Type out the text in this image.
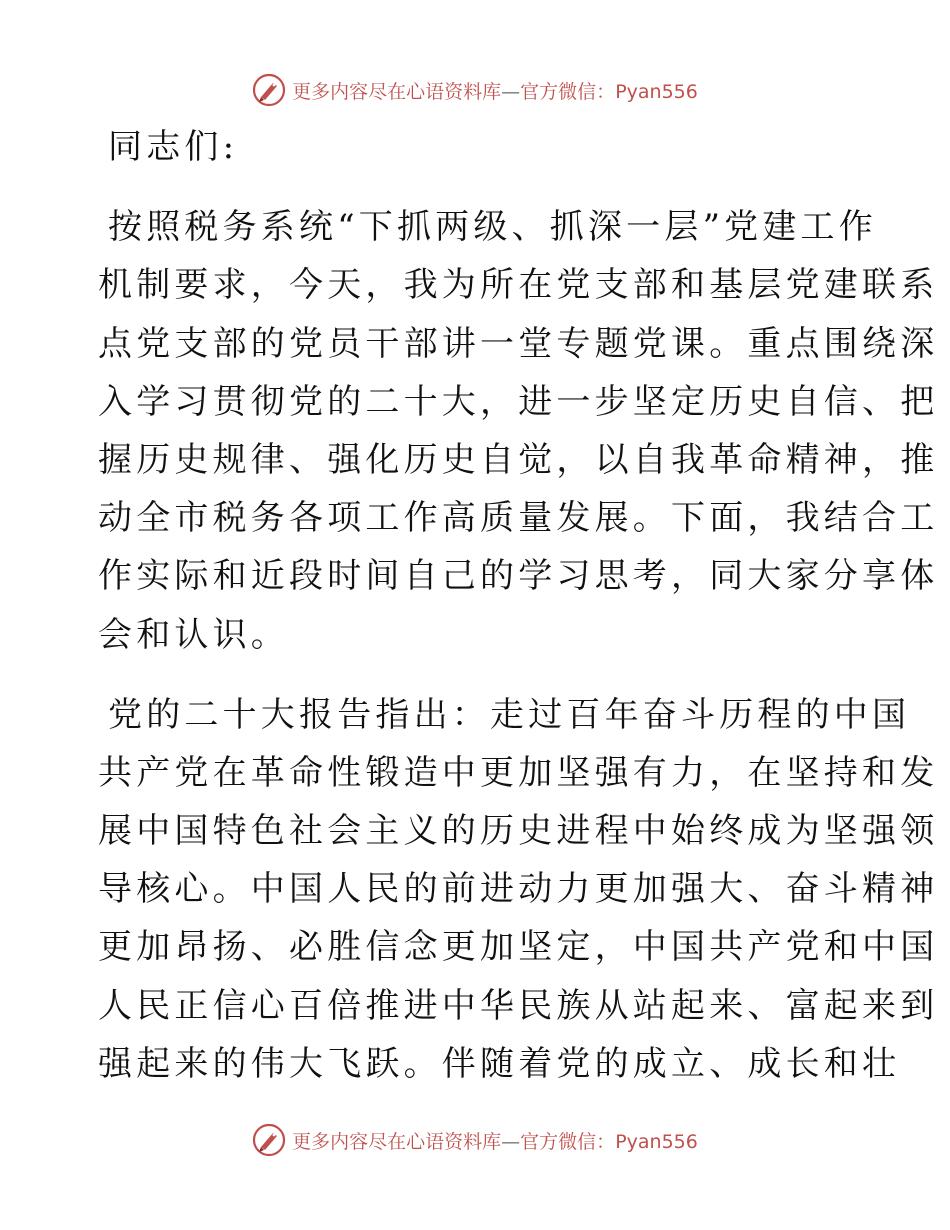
更多内容尽在心语资料库—官方微信：Pyan556
同志们:
按照税务系统“下抓两级、抓深一层”党建工作
机制要求，今天，我为所在党支部和基层党建联系
点党支部的党员干部讲一堂专题党课。重点围绕深
入学习贯彻党的二十大，进一步坚定历史自信、把
握历史规律、强化历史自觉，以自我革命精神，推
动全市税务各项工作高质量发展。下面，我结合工
作实际和近段时间自己的学习思考，同大家分享体
会和认识。
党的二十大报告指出：走过百年奋斗历程的中国
共产党在革命性锻造中更加坚强有力，在坚持和发
展中国特色社会主义的历史进程中始终成为坚强领
导核心。中国人民的前进动力更加强大、奋斗精神
更加昂扬、必胜信念更加坚定，中国共产党和中国
人民正信心百倍推进中华民族从站起来、富起来到
强起来的伟大飞跃。伴随着党的成立、成长和壮
更多内容尽在心语资料库—官方微信：Pyan556
